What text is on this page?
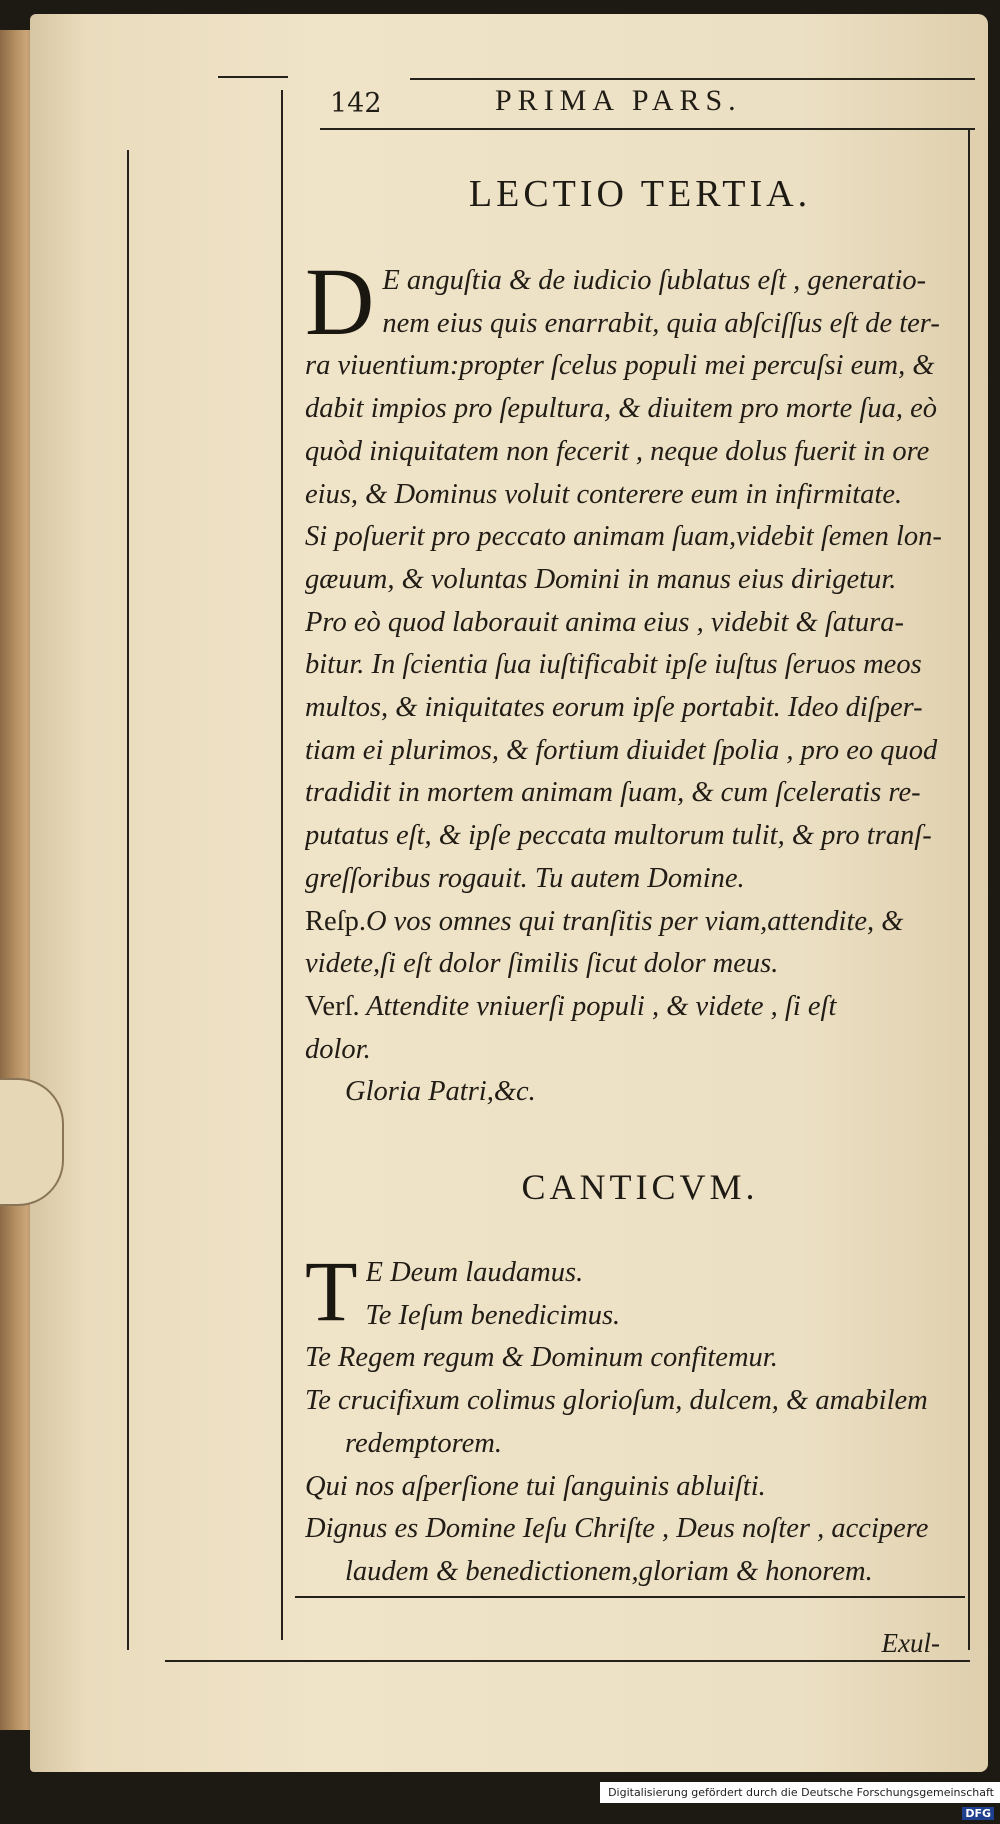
142	PRIMA PARS.
LECTIO TERTIA.
D E anguſtia & de iudicio ſublatus eſt , generatio-
nem eius quis enarrabit, quia abſciſſus eſt de ter-
ra viuentium:propter ſcelus populi mei percuſsi eum, &
dabit impios pro ſepultura, & diuitem pro morte ſua, eò
quòd iniquitatem non fecerit , neque dolus fuerit in ore
eius, & Dominus voluit conterere eum in infirmitate.
Si poſuerit pro peccato animam ſuam,videbit ſemen lon-
gæuum, & voluntas Domini in manus eius dirigetur.
Pro eò quod laborauit anima eius , videbit & ſatura-
bitur. In ſcientia ſua iuſtificabit ipſe iuſtus ſeruos meos
multos, & iniquitates eorum ipſe portabit. Ideo diſper-
tiam ei plurimos, & fortium diuidet ſpolia , pro eo quod
tradidit in mortem animam ſuam, & cum ſceleratis re-
putatus eſt, & ipſe peccata multorum tulit, & pro tranſ-
greſſoribus rogauit. Tu autem Domine.
Reſp.O vos omnes qui tranſitis per viam,attendite, &
videte,ſi eſt dolor ſimilis ſicut dolor meus.
Verſ. Attendite vniuerſi populi , & videte , ſi eſt
dolor.
Gloria Patri,&c.
CANTICVM.
T E Deum laudamus.
Te Ieſum benedicimus.
Te Regem regum & Dominum confitemur.
Te crucifixum colimus glorioſum, dulcem, & amabilem
redemptorem.
Qui nos aſperſione tui ſanguinis abluiſti.
Dignus es Domine Ieſu Chriſte , Deus noſter , accipere
laudem & benedictionem,gloriam & honorem.
Exul-
Digitalisierung gefördert durch die Deutsche Forschungsgemeinschaft DFG
